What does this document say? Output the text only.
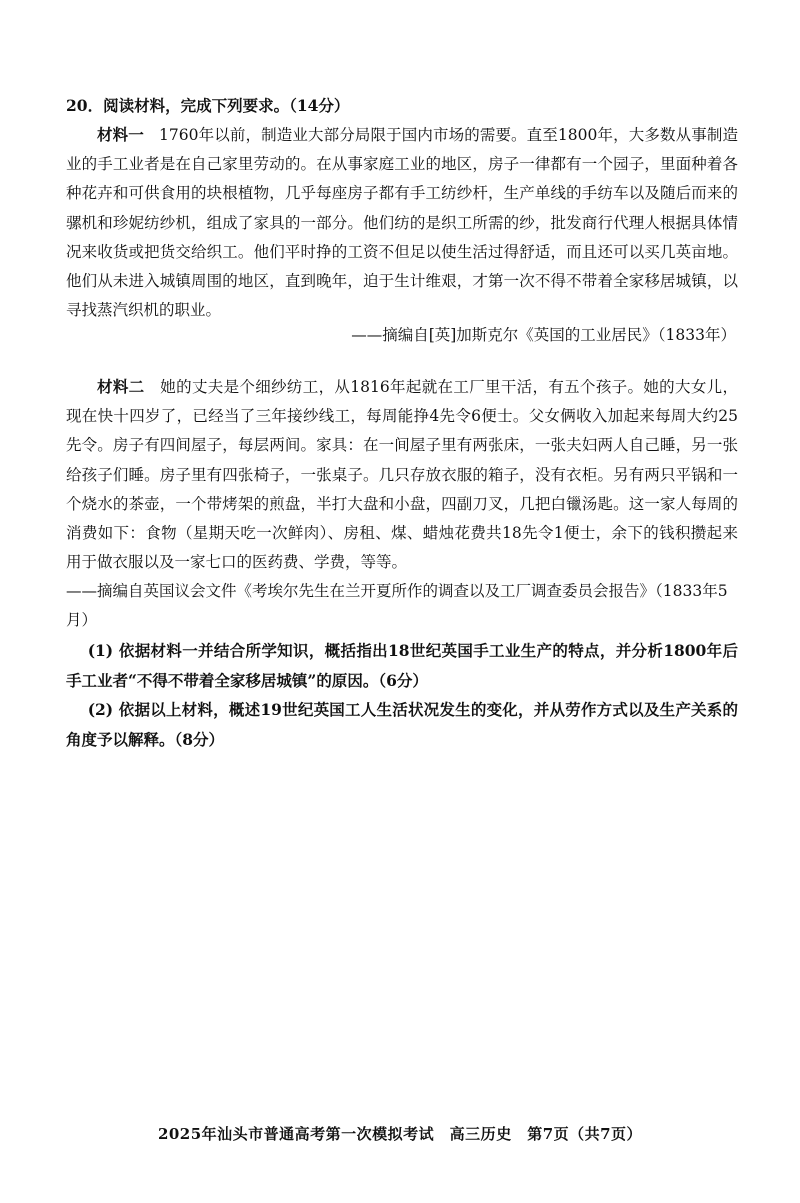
20．阅读材料，完成下列要求。（14分）
材料一 1760年以前，制造业大部分局限于国内市场的需要。直至1800年，大多数从事制造业的手工业者是在自己家里劳动的。在从事家庭工业的地区，房子一律都有一个园子，里面种着各种花卉和可供食用的块根植物，几乎每座房子都有手工纺纱杆，生产单线的手纺车以及随后而来的骡机和珍妮纺纱机，组成了家具的一部分。他们纺的是织工所需的纱，批发商行代理人根据具体情况来收货或把货交给织工。他们平时挣的工资不但足以使生活过得舒适，而且还可以买几英亩地。他们从未进入城镇周围的地区，直到晚年，迫于生计维艰，才第一次不得不带着全家移居城镇，以寻找蒸汽织机的职业。
——摘编自[英]加斯克尔《英国的工业居民》（1833年）
材料二 她的丈夫是个细纱纺工，从1816年起就在工厂里干活，有五个孩子。她的大女儿，现在快十四岁了，已经当了三年接纱线工，每周能挣4先令6便士。父女俩收入加起来每周大约25先令。房子有四间屋子，每层两间。家具：在一间屋子里有两张床，一张夫妇两人自己睡，另一张给孩子们睡。房子里有四张椅子，一张桌子。几只存放衣服的箱子，没有衣柜。另有两只平锅和一个烧水的茶壶，一个带烤架的煎盘，半打大盘和小盘，四副刀叉，几把白镴汤匙。这一家人每周的消费如下：食物（星期天吃一次鲜肉）、房租、煤、蜡烛花费共18先令1便士，余下的钱积攒起来用于做衣服以及一家七口的医药费、学费，等等。
——摘编自英国议会文件《考埃尔先生在兰开夏所作的调查以及工厂调查委员会报告》（1833年5月）
(1) 依据材料一并结合所学知识，概括指出18世纪英国手工业生产的特点，并分析1800年后手工业者“不得不带着全家移居城镇”的原因。（6分）
(2) 依据以上材料，概述19世纪英国工人生活状况发生的变化，并从劳作方式以及生产关系的角度予以解释。（8分）
2025年汕头市普通高考第一次模拟考试　高三历史　第7页（共7页）
